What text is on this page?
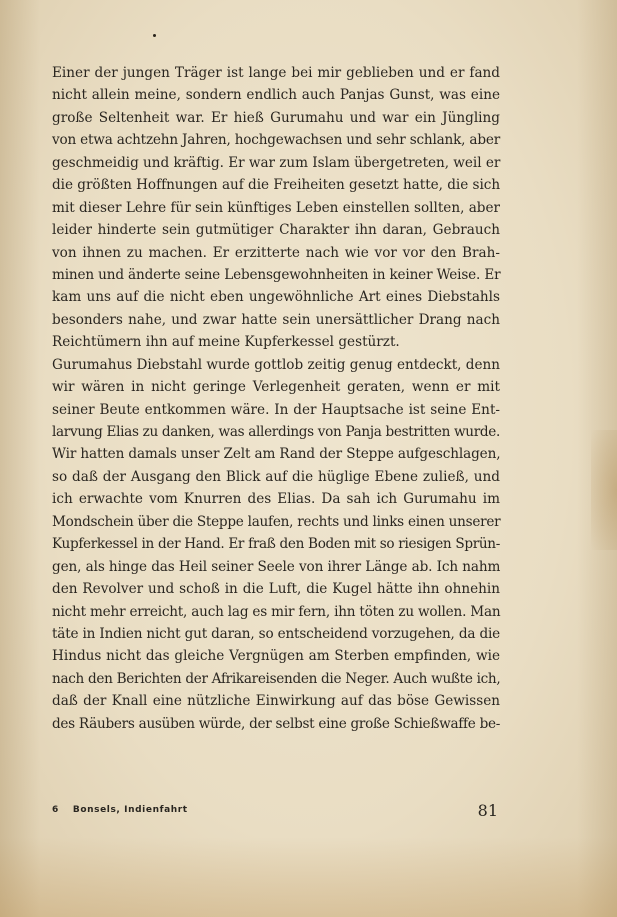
Einer der jungen Träger ist lange bei mir geblieben und er fand
nicht allein meine, sondern endlich auch Panjas Gunst, was eine
große Seltenheit war. Er hieß Gurumahu und war ein Jüngling
von etwa achtzehn Jahren, hochgewachsen und sehr schlank, aber
geschmeidig und kräftig. Er war zum Islam übergetreten, weil er
die größten Hoffnungen auf die Freiheiten gesetzt hatte, die sich
mit dieser Lehre für sein künftiges Leben einstellen sollten, aber
leider hinderte sein gutmütiger Charakter ihn daran, Gebrauch
von ihnen zu machen. Er erzitterte nach wie vor vor den Brah-
minen und änderte seine Lebensgewohnheiten in keiner Weise. Er
kam uns auf die nicht eben ungewöhnliche Art eines Diebstahls
besonders nahe, und zwar hatte sein unersättlicher Drang nach
Reichtümern ihn auf meine Kupferkessel gestürzt.
Gurumahus Diebstahl wurde gottlob zeitig genug entdeckt, denn
wir wären in nicht geringe Verlegenheit geraten, wenn er mit
seiner Beute entkommen wäre. In der Hauptsache ist seine Ent-
larvung Elias zu danken, was allerdings von Panja bestritten wurde.
Wir hatten damals unser Zelt am Rand der Steppe aufgeschlagen,
so daß der Ausgang den Blick auf die hüglige Ebene zuließ, und
ich erwachte vom Knurren des Elias. Da sah ich Gurumahu im
Mondschein über die Steppe laufen, rechts und links einen unserer
Kupferkessel in der Hand. Er fraß den Boden mit so riesigen Sprün-
gen, als hinge das Heil seiner Seele von ihrer Länge ab. Ich nahm
den Revolver und schoß in die Luft, die Kugel hätte ihn ohnehin
nicht mehr erreicht, auch lag es mir fern, ihn töten zu wollen. Man
täte in Indien nicht gut daran, so entscheidend vorzugehen, da die
Hindus nicht das gleiche Vergnügen am Sterben empfinden, wie
nach den Berichten der Afrikareisenden die Neger. Auch wußte ich,
daß der Knall eine nützliche Einwirkung auf das böse Gewissen
des Räubers ausüben würde, der selbst eine große Schießwaffe be-
6 Bonsels, Indienfahrt	81
